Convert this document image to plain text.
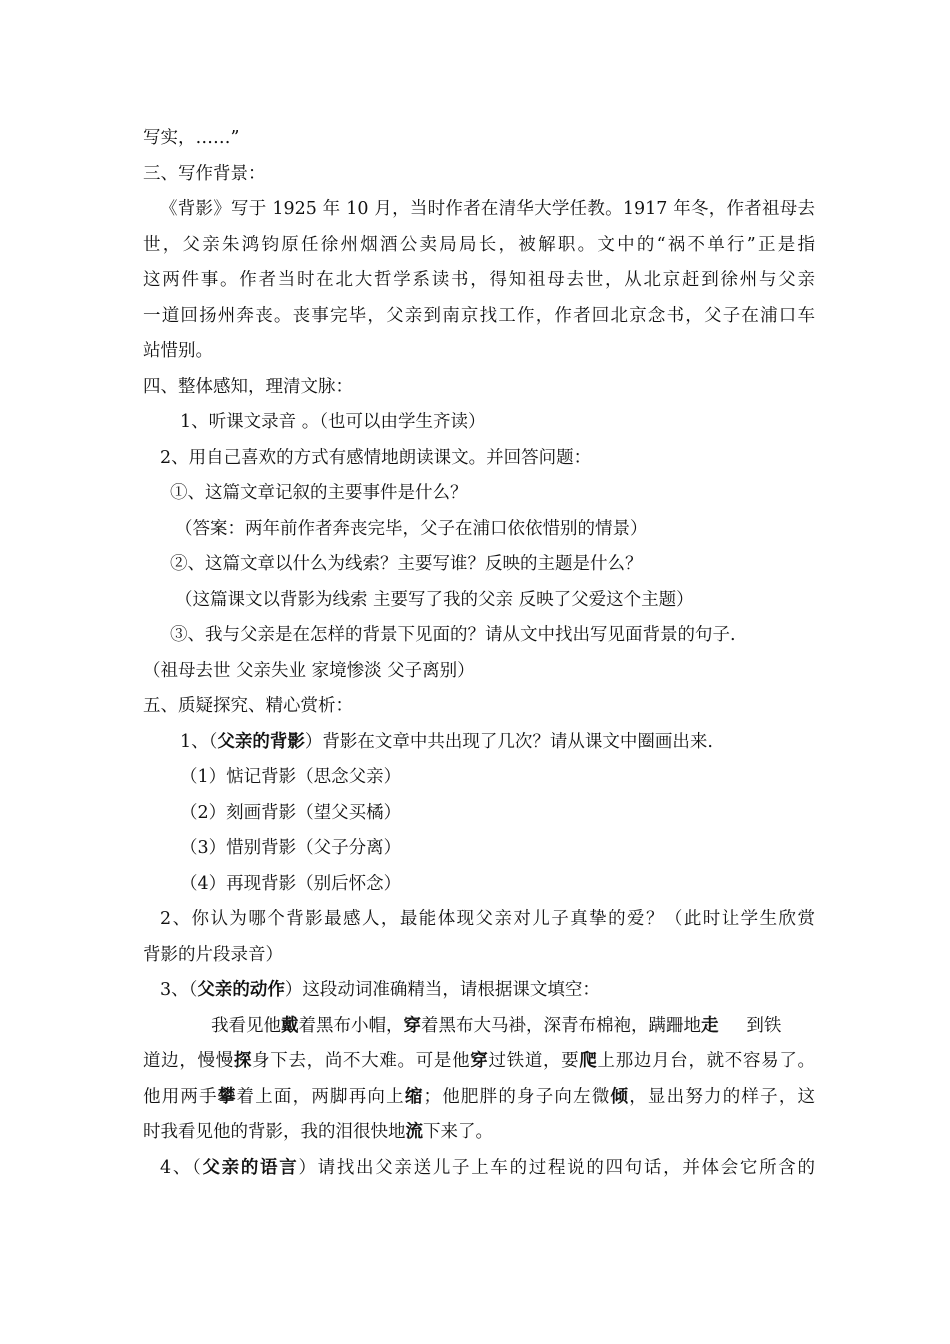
写实，……”
三、写作背景：
《背影》写于 1925 年 10 月，当时作者在清华大学任教。1917 年冬，作者祖母去
世，父亲朱鸿钧原任徐州烟酒公卖局局长，被解职。文中的“祸不单行”正是指
这两件事。作者当时在北大哲学系读书，得知祖母去世，从北京赶到徐州与父亲
一道回扬州奔丧。丧事完毕，父亲到南京找工作，作者回北京念书，父子在浦口车
站惜别。
四、整体感知，理清文脉：
1、听课文录音 。（也可以由学生齐读）
2、用自己喜欢的方式有感情地朗读课文。并回答问题：
①、这篇文章记叙的主要事件是什么？
（答案：两年前作者奔丧完毕，父子在浦口依依惜别的情景）
②、这篇文章以什么为线索？主要写谁？反映的主题是什么？
（这篇课文以背影为线索 主要写了我的父亲 反映了父爱这个主题）
③、我与父亲是在怎样的背景下见面的？请从文中找出写见面背景的句子.
（祖母去世 父亲失业 家境惨淡 父子离别）
五、质疑探究、精心赏析：
1、（父亲的背影）背影在文章中共出现了几次？请从课文中圈画出来.
（1）惦记背影（思念父亲）
（2）刻画背影（望父买橘）
（3）惜别背影（父子分离）
（4）再现背影（别后怀念）
2、你认为哪个背影最感人，最能体现父亲对儿子真挚的爱？（此时让学生欣赏
背影的片段录音）
3、（父亲的动作）这段动词准确精当，请根据课文填空：
我看见他戴着黑布小帽，穿着黑布大马褂，深青布棉袍，蹒跚地走     到铁
道边，慢慢探身下去，尚不大难。可是他穿过铁道，要爬上那边月台，就不容易了。
他用两手攀着上面，两脚再向上缩；他肥胖的身子向左微倾，显出努力的样子，这
时我看见他的背影，我的泪很快地流下来了。
4、（父亲的语言）请找出父亲送儿子上车的过程说的四句话，并体会它所含的
